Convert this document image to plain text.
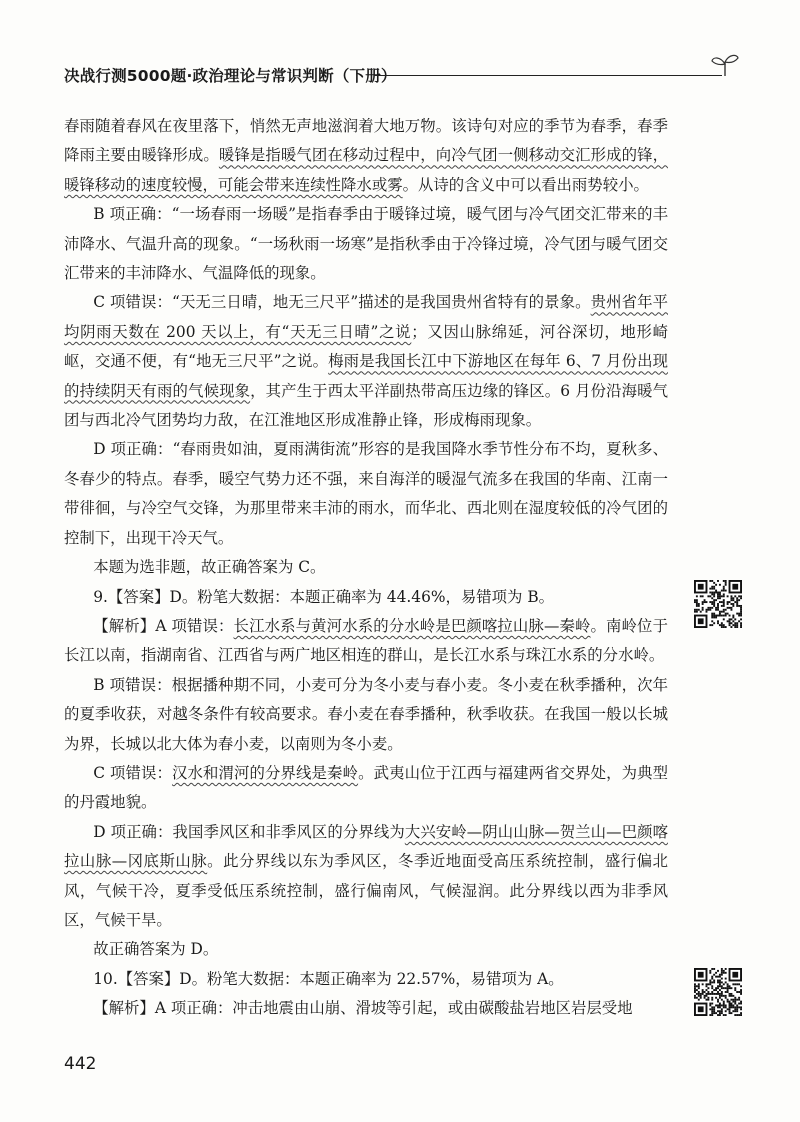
决战行测5000题·政治理论与常识判断（下册）

春雨随着春风在夜里落下，悄然无声地滋润着大地万物。该诗句对应的季节为春季，春季降雨主要由暖锋形成。暖锋是指暖气团在移动过程中，向冷气团一侧移动交汇形成的锋，暖锋移动的速度较慢，可能会带来连续性降水或雾。从诗的含义中可以看出雨势较小。

B 项正确：“一场春雨一场暖”是指春季由于暖锋过境，暖气团与冷气团交汇带来的丰沛降水、气温升高的现象。“一场秋雨一场寒”是指秋季由于冷锋过境，冷气团与暖气团交汇带来的丰沛降水、气温降低的现象。

C 项错误：“天无三日晴，地无三尺平”描述的是我国贵州省特有的景象。贵州省年平均阴雨天数在 200 天以上，有“天无三日晴”之说；又因山脉绵延，河谷深切，地形崎岖，交通不便，有“地无三尺平”之说。梅雨是我国长江中下游地区在每年 6、7 月份出现的持续阴天有雨的气候现象，其产生于西太平洋副热带高压边缘的锋区。6 月份沿海暖气团与西北冷气团势均力敌，在江淮地区形成准静止锋，形成梅雨现象。

D 项正确：“春雨贵如油，夏雨满街流”形容的是我国降水季节性分布不均，夏秋多、冬春少的特点。春季，暖空气势力还不强，来自海洋的暖湿气流多在我国的华南、江南一带徘徊，与冷空气交锋，为那里带来丰沛的雨水，而华北、西北则在湿度较低的冷气团的控制下，出现干冷天气。

本题为选非题，故正确答案为 C。

9.【答案】D。粉笔大数据：本题正确率为 44.46%，易错项为 B。

【解析】A 项错误：长江水系与黄河水系的分水岭是巴颜喀拉山脉—秦岭。南岭位于长江以南，指湖南省、江西省与两广地区相连的群山，是长江水系与珠江水系的分水岭。

B 项错误：根据播种期不同，小麦可分为冬小麦与春小麦。冬小麦在秋季播种，次年的夏季收获，对越冬条件有较高要求。春小麦在春季播种，秋季收获。在我国一般以长城为界，长城以北大体为春小麦，以南则为冬小麦。

C 项错误：汉水和渭河的分界线是秦岭。武夷山位于江西与福建两省交界处，为典型的丹霞地貌。

D 项正确：我国季风区和非季风区的分界线为大兴安岭—阴山山脉—贺兰山—巴颜喀拉山脉—冈底斯山脉。此分界线以东为季风区，冬季近地面受高压系统控制，盛行偏北风，气候干冷，夏季受低压系统控制，盛行偏南风，气候湿润。此分界线以西为非季风区，气候干旱。

故正确答案为 D。

10.【答案】D。粉笔大数据：本题正确率为 22.57%，易错项为 A。

【解析】A 项正确：冲击地震由山崩、滑坡等引起，或由碳酸盐岩地区岩层受地

442
